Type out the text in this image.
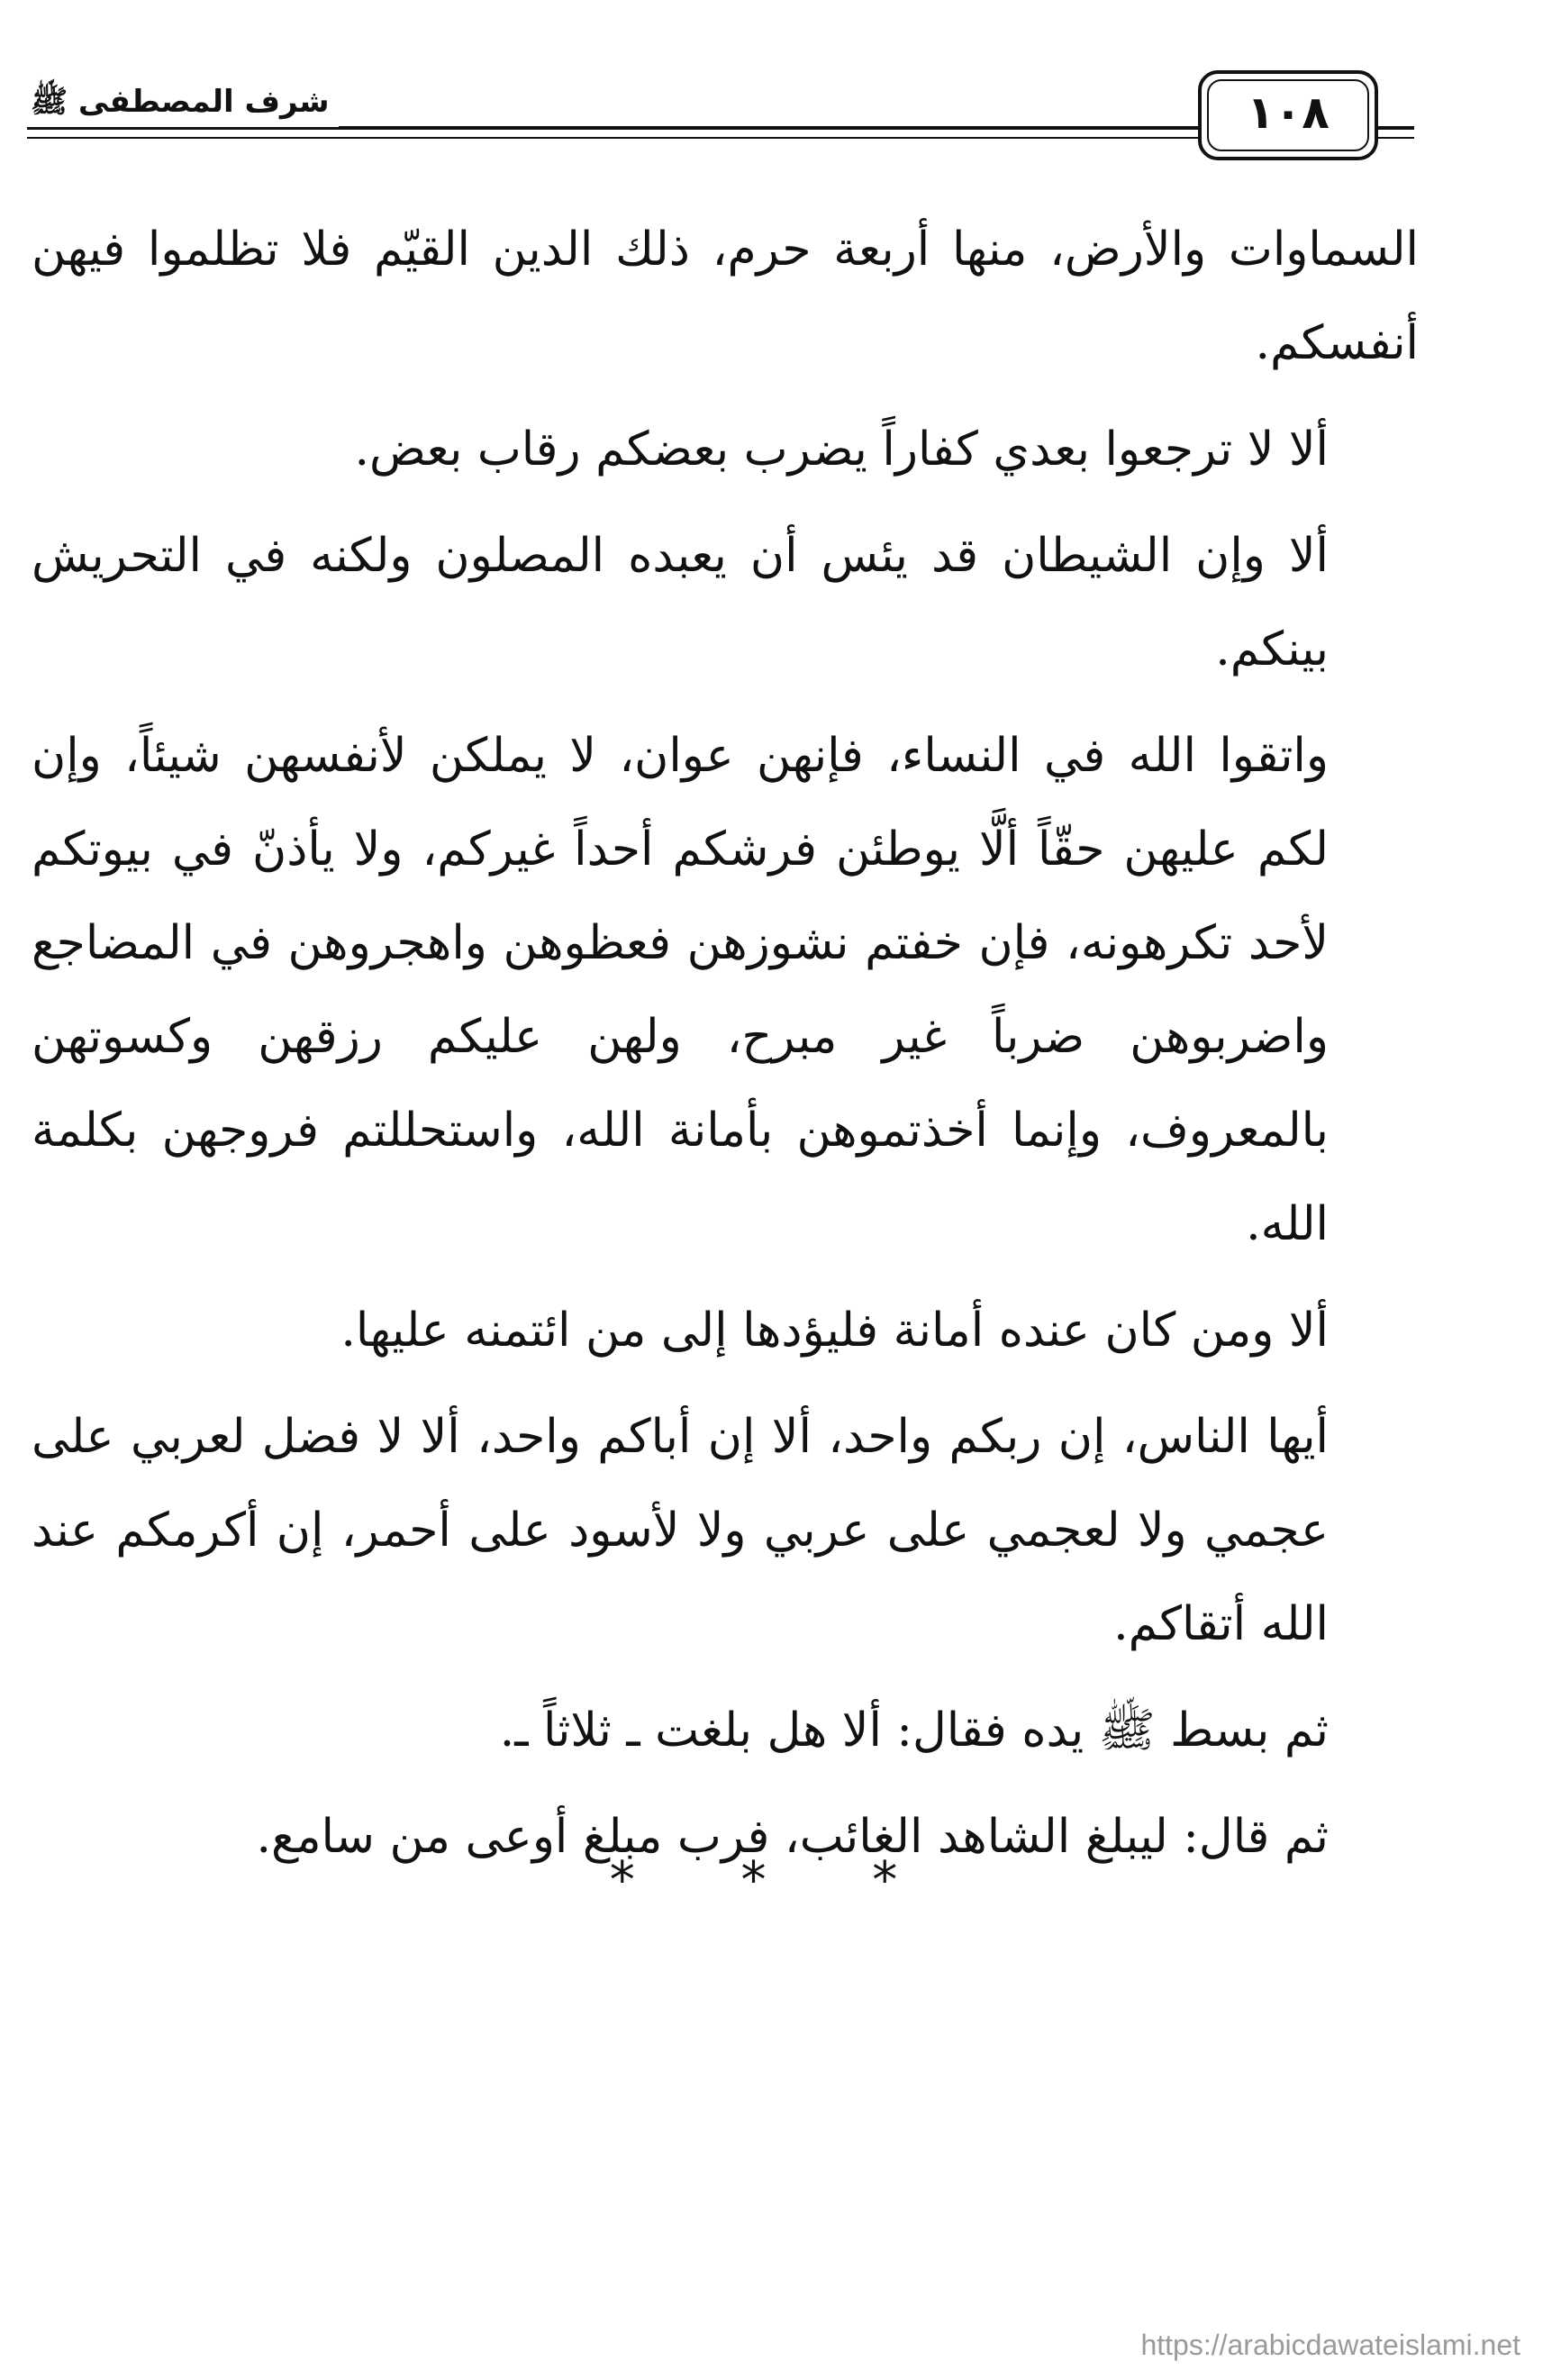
شرف المصطفى ﷺ	١٠٨

السماوات والأرض، منها أربعة حرم، ذلك الدين القيّم فلا تظلموا فيهن أنفسكم.

ألا لا ترجعوا بعدي كفاراً يضرب بعضكم رقاب بعض.

ألا وإن الشيطان قد يئس أن يعبده المصلون ولكنه في التحريش بينكم.

واتقوا الله في النساء، فإنهن عوان، لا يملكن لأنفسهن شيئاً، وإن لكم عليهن حقّاً ألَّا يوطئن فرشكم أحداً غيركم، ولا يأذنّ في بيوتكم لأحد تكرهونه، فإن خفتم نشوزهن فعظوهن واهجروهن في المضاجع واضربوهن ضرباً غير مبرح، ولهن عليكم رزقهن وكسوتهن بالمعروف، وإنما أخذتموهن بأمانة الله، واستحللتم فروجهن بكلمة الله.

ألا ومن كان عنده أمانة فليؤدها إلى من ائتمنه عليها.

أيها الناس، إن ربكم واحد، ألا إن أباكم واحد، ألا لا فضل لعربي على عجمي ولا لعجمي على عربي ولا لأسود على أحمر، إن أكرمكم عند الله أتقاكم.

ثم بسط ﷺ يده فقال: ألا هل بلغت ـ ثلاثاً ـ.

ثم قال: ليبلغ الشاهد الغائب، فرب مبلغ أوعى من سامع.

* * *
https://arabicdawateislami.net
